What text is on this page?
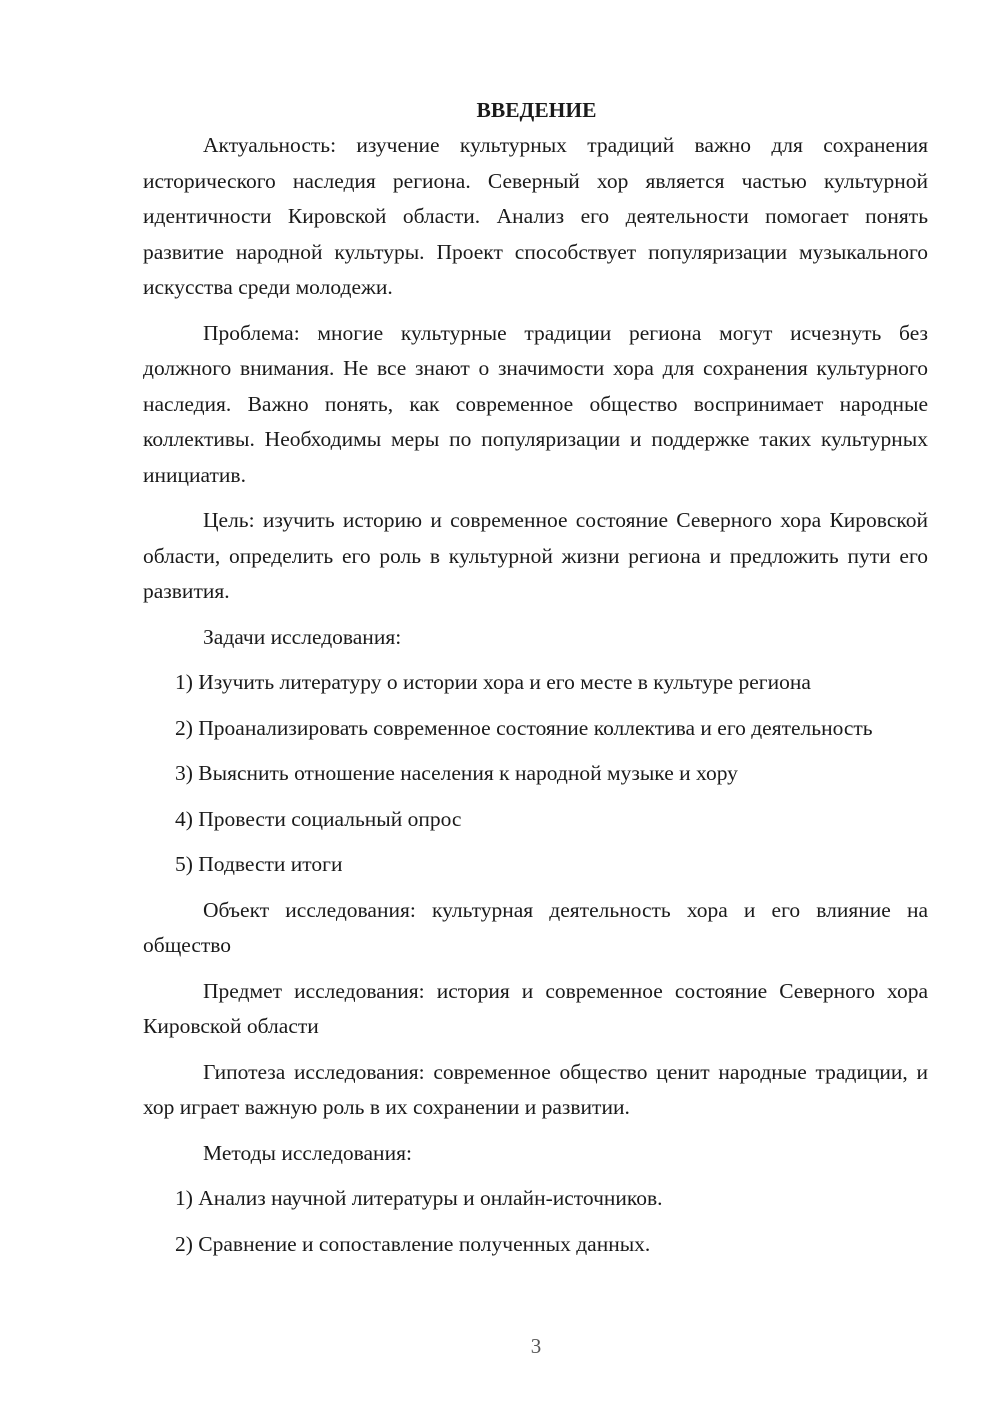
ВВЕДЕНИЕ

Актуальность: изучение культурных традиций важно для сохранения исторического наследия региона. Северный хор является частью культурной идентичности Кировской области. Анализ его деятельности помогает понять развитие народной культуры. Проект способствует популяризации музыкального искусства среди молодежи.

Проблема: многие культурные традиции региона могут исчезнуть без должного внимания. Не все знают о значимости хора для сохранения культурного наследия. Важно понять, как современное общество воспринимает народные коллективы. Необходимы меры по популяризации и поддержке таких культурных инициатив.

Цель: изучить историю и современное состояние Северного хора Кировской области, определить его роль в культурной жизни региона и предложить пути его развития.

Задачи исследования:

1) Изучить литературу о истории хора и его месте в культуре региона

2) Проанализировать современное состояние коллектива и его деятельность

3) Выяснить отношение населения к народной музыке и хору

4) Провести социальный опрос

5) Подвести итоги

Объект исследования: культурная деятельность хора и его влияние на общество

Предмет исследования: история и современное состояние Северного хора Кировской области

Гипотеза исследования: современное общество ценит народные традиции, и хор играет важную роль в их сохранении и развитии.

Методы исследования:

1) Анализ научной литературы и онлайн-источников.

2) Сравнение и сопоставление полученных данных.

3
